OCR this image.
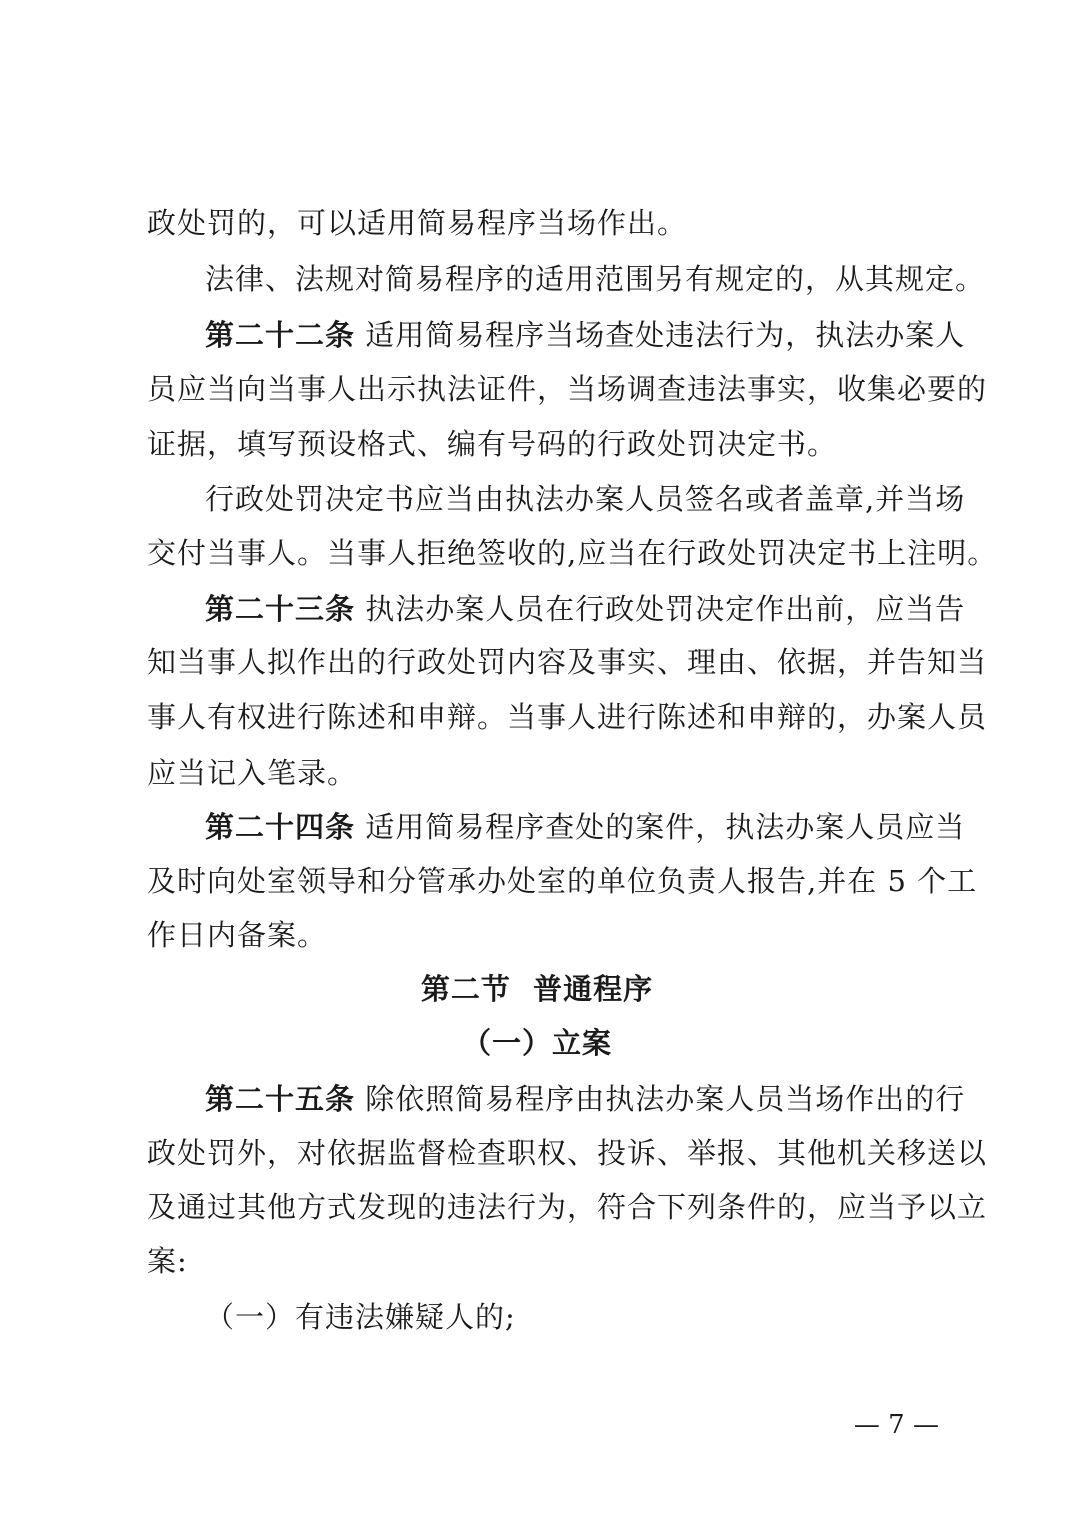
政处罚的，可以适用简易程序当场作出。
法律、法规对简易程序的适用范围另有规定的，从其规定。
第二十二条 适用简易程序当场查处违法行为，执法办案人
员应当向当事人出示执法证件，当场调查违法事实，收集必要的
证据，填写预设格式、编有号码的行政处罚决定书。
行政处罚决定书应当由执法办案人员签名或者盖章,并当场
交付当事人。当事人拒绝签收的,应当在行政处罚决定书上注明。
第二十三条 执法办案人员在行政处罚决定作出前，应当告
知当事人拟作出的行政处罚内容及事实、理由、依据，并告知当
事人有权进行陈述和申辩。当事人进行陈述和申辩的，办案人员
应当记入笔录。
第二十四条 适用简易程序查处的案件，执法办案人员应当
及时向处室领导和分管承办处室的单位负责人报告,并在 5 个工
作日内备案。
第二节  普通程序
（一）立案
第二十五条 除依照简易程序由执法办案人员当场作出的行
政处罚外，对依据监督检查职权、投诉、举报、其他机关移送以
及通过其他方式发现的违法行为，符合下列条件的，应当予以立
案:
（一）有违法嫌疑人的;
— 7 —
